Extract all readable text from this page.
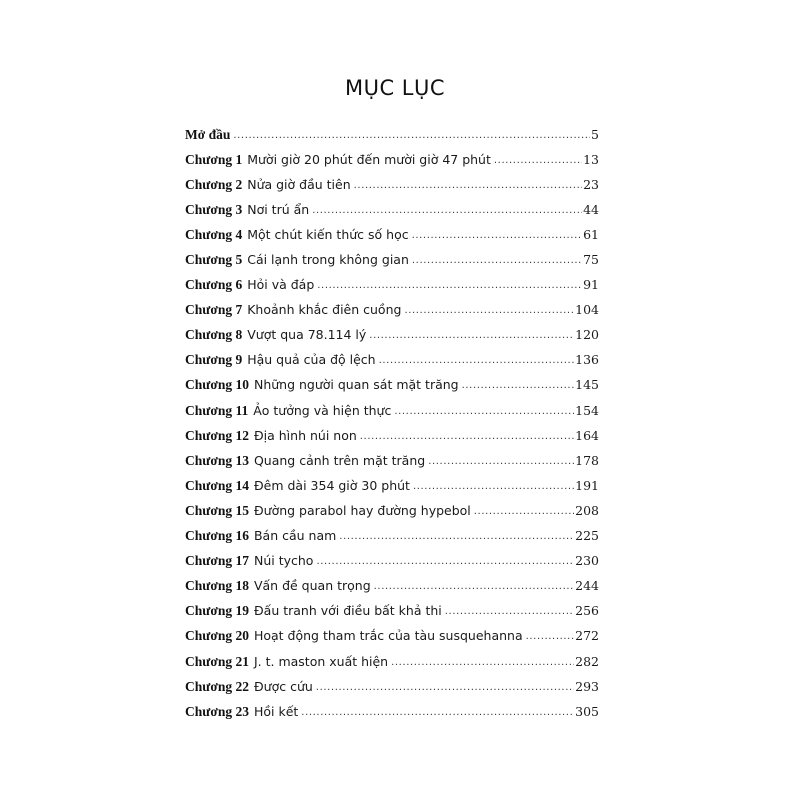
MỤC LỤC
Mở đầu .....	5
Chương 1 Mười giờ 20 phút đến mười giờ 47 phút .....	13
Chương 2 Nửa giờ đầu tiên .....	23
Chương 3 Nơi trú ẩn .....	44
Chương 4 Một chút kiến thức số học .....	61
Chương 5 Cái lạnh trong không gian .....	75
Chương 6 Hỏi và đáp .....	91
Chương 7 Khoảnh khắc điên cuồng .....	104
Chương 8 Vượt qua 78.114 lý .....	120
Chương 9 Hậu quả của độ lệch .....	136
Chương 10 Những người quan sát mặt trăng .....	145
Chương 11 Ảo tưởng và hiện thực .....	154
Chương 12 Địa hình núi non .....	164
Chương 13 Quang cảnh trên mặt trăng .....	178
Chương 14 Đêm dài 354 giờ 30 phút .....	191
Chương 15 Đường parabol hay đường hypebol .....	208
Chương 16 Bán cầu nam .....	225
Chương 17 Núi tycho .....	230
Chương 18 Vấn đề quan trọng .....	244
Chương 19 Đấu tranh với điều bất khả thi .....	256
Chương 20 Hoạt động tham trắc của tàu susquehanna .....	272
Chương 21 J. t. maston xuất hiện .....	282
Chương 22 Được cứu .....	293
Chương 23 Hồi kết .....	305
